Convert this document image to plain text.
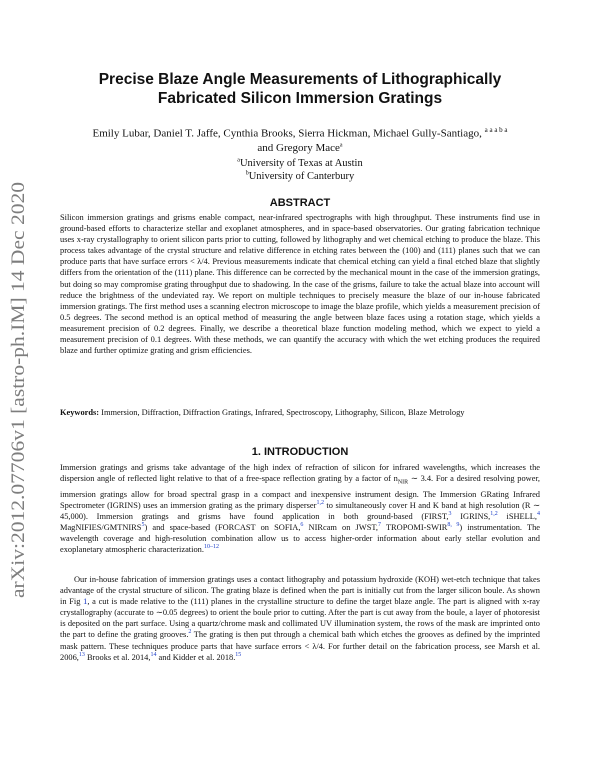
arXiv:2012.07706v1 [astro-ph.IM] 14 Dec 2020
Precise Blaze Angle Measurements of Lithographically
Fabricated Silicon Immersion Gratings
Emily Lubar, Daniel T. Jaffe, Cynthia Brooks, Sierra Hickman, Michael Gully-Santiago, $^{a a a b a}$
and Gregory Mace$^a$
$^a$University of Texas at Austin
$^b$University of Canterbury
ABSTRACT

Silicon immersion gratings and grisms enable compact, near-infrared spectrographs with high throughput. These instruments find use in ground-based efforts to characterize stellar and exoplanet atmospheres, and in space-based observatories. Our grating fabrication technique uses x-ray crystallography to orient silicon parts prior to cutting, followed by lithography and wet chemical etching to produce the blaze. This process takes advantage of the crystal structure and relative difference in etching rates between the (100) and (111) planes such that we can produce parts that have surface errors < λ/4. Previous measurements indicate that chemical etching can yield a final etched blaze that slightly differs from the orientation of the (111) plane. This difference can be corrected by the mechanical mount in the case of the immersion gratings, but doing so may compromise grating throughput due to shadowing. In the case of the grisms, failure to take the actual blaze into account will reduce the brightness of the undeviated ray. We report on multiple techniques to precisely measure the blaze of our in-house fabricated immersion gratings. The first method uses a scanning electron microscope to image the blaze profile, which yields a measurement precision of 0.5 degrees. The second method is an optical method of measuring the angle between blaze faces using a rotation stage, which yields a measurement precision of 0.2 degrees. Finally, we describe a theoretical blaze function modeling method, which we expect to yield a measurement precision of 0.1 degrees. With these methods, we can quantify the accuracy with which the wet etching produces the required blaze and further optimize grating and grism efficiencies.

Keywords: Immersion, Diffraction, Diffraction Gratings, Infrared, Spectroscopy, Lithography, Silicon, Blaze Metrology

1. INTRODUCTION

Immersion gratings and grisms take advantage of the high index of refraction of silicon for infrared wavelengths, which increases the dispersion angle of reflected light relative to that of a free-space reflection grating by a factor of $n_{NIR}$ ∼ 3.4. For a desired resolving power, immersion gratings allow for broad spectral grasp in a compact and inexpensive instrument design. The Immersion GRating Infrared Spectrometer (IGRINS) uses an immersion grating as the primary disperser$^{1,2}$ to simultaneously cover H and K band at high resolution (R ∼ 45,000). Immersion gratings and grisms have found application in both ground-based (FIRST,$^3$ IGRINS,$^{1,2}$ iSHELL,$^4$ MagNIFIES/GMTNIRS$^5$) and space-based (FORCAST on SOFIA,$^6$ NIRcam on JWST,$^7$ TROPOMI-SWIR$^{8, 9}$) instrumentation. The wavelength coverage and high-resolution combination allow us to access higher-order information about early stellar evolution and exoplanetary atmospheric characterization.$^{10-12}$

Our in-house fabrication of immersion gratings uses a contact lithography and potassium hydroxide (KOH) wet-etch technique that takes advantage of the crystal structure of silicon. The grating blaze is defined when the part is initially cut from the larger silicon boule. As shown in Fig 1, a cut is made relative to the (111) planes in the crystalline structure to define the target blaze angle. The part is aligned with x-ray crystallography (accurate to ∼0.05 degrees) to orient the boule prior to cutting. After the part is cut away from the boule, a layer of photoresist is deposited on the part surface. Using a quartz/chrome mask and collimated UV illumination system, the rows of the mask are imprinted onto the part to define the grating grooves.$^2$ The grating is then put through a chemical bath which etches the grooves as defined by the imprinted mask pattern. These techniques produce parts that have surface errors < λ/4. For further detail on the fabrication process, see Marsh et al. 2006,13 Brooks et al. 2014,14 and Kidder et al. 2018.15
